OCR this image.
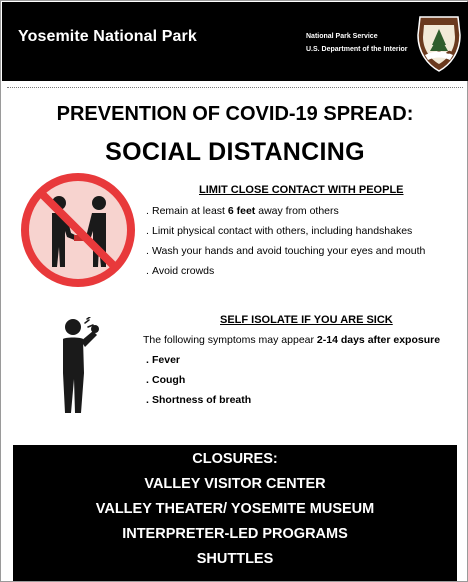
Yosemite National Park	National Park Service
U.S. Department of the Interior
PREVENTION OF COVID-19 SPREAD:
SOCIAL DISTANCING
LIMIT CLOSE CONTACT WITH PEOPLE
. Remain at least 6 feet away from others
. Limit physical contact with others, including handshakes
. Wash your hands and avoid touching your eyes and mouth
. Avoid crowds
SELF ISOLATE IF YOU ARE SICK
The following symptoms may appear 2-14 days after exposure
. Fever
. Cough
. Shortness of breath
CLOSURES:
VALLEY VISITOR CENTER
VALLEY THEATER/ YOSEMITE MUSEUM
INTERPRETER-LED PROGRAMS
SHUTTLES
